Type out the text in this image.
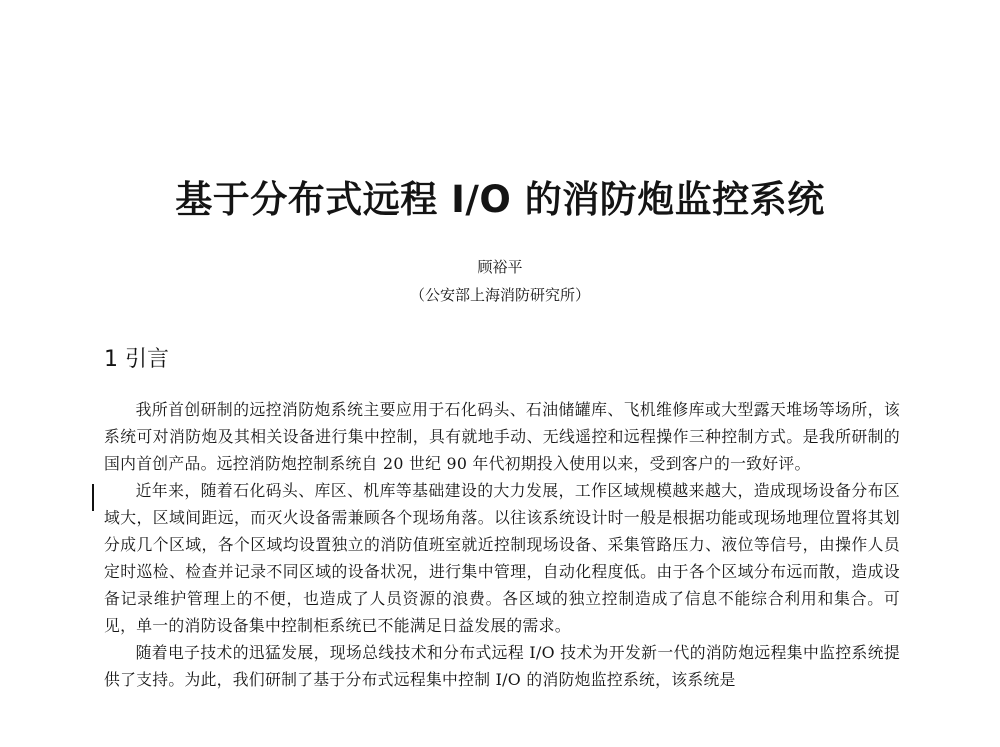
基于分布式远程 I/O 的消防炮监控系统
顾裕平
（公安部上海消防研究所）
1 引言

我所首创研制的远控消防炮系统主要应用于石化码头、石油储罐库、飞机维修库或大型露天堆场等场所，该系统可对消防炮及其相关设备进行集中控制，具有就地手动、无线遥控和远程操作三种控制方式。是我所研制的国内首创产品。远控消防炮控制系统自 20 世纪 90 年代初期投入使用以来，受到客户的一致好评。

近年来，随着石化码头、库区、机库等基础建设的大力发展，工作区域规模越来越大，造成现场设备分布区域大，区域间距远，而灭火设备需兼顾各个现场角落。以往该系统设计时一般是根据功能或现场地理位置将其划分成几个区域，各个区域均设置独立的消防值班室就近控制现场设备、采集管路压力、液位等信号，由操作人员定时巡检、检查并记录不同区域的设备状况，进行集中管理，自动化程度低。由于各个区域分布远而散，造成设备记录维护管理上的不便，也造成了人员资源的浪费。各区域的独立控制造成了信息不能综合利用和集合。可见，单一的消防设备集中控制柜系统已不能满足日益发展的需求。

随着电子技术的迅猛发展，现场总线技术和分布式远程 I/O 技术为开发新一代的消防炮远程集中监控系统提供了支持。为此，我们研制了基于分布式远程集中控制 I/O 的消防炮监控系统，该系统是
